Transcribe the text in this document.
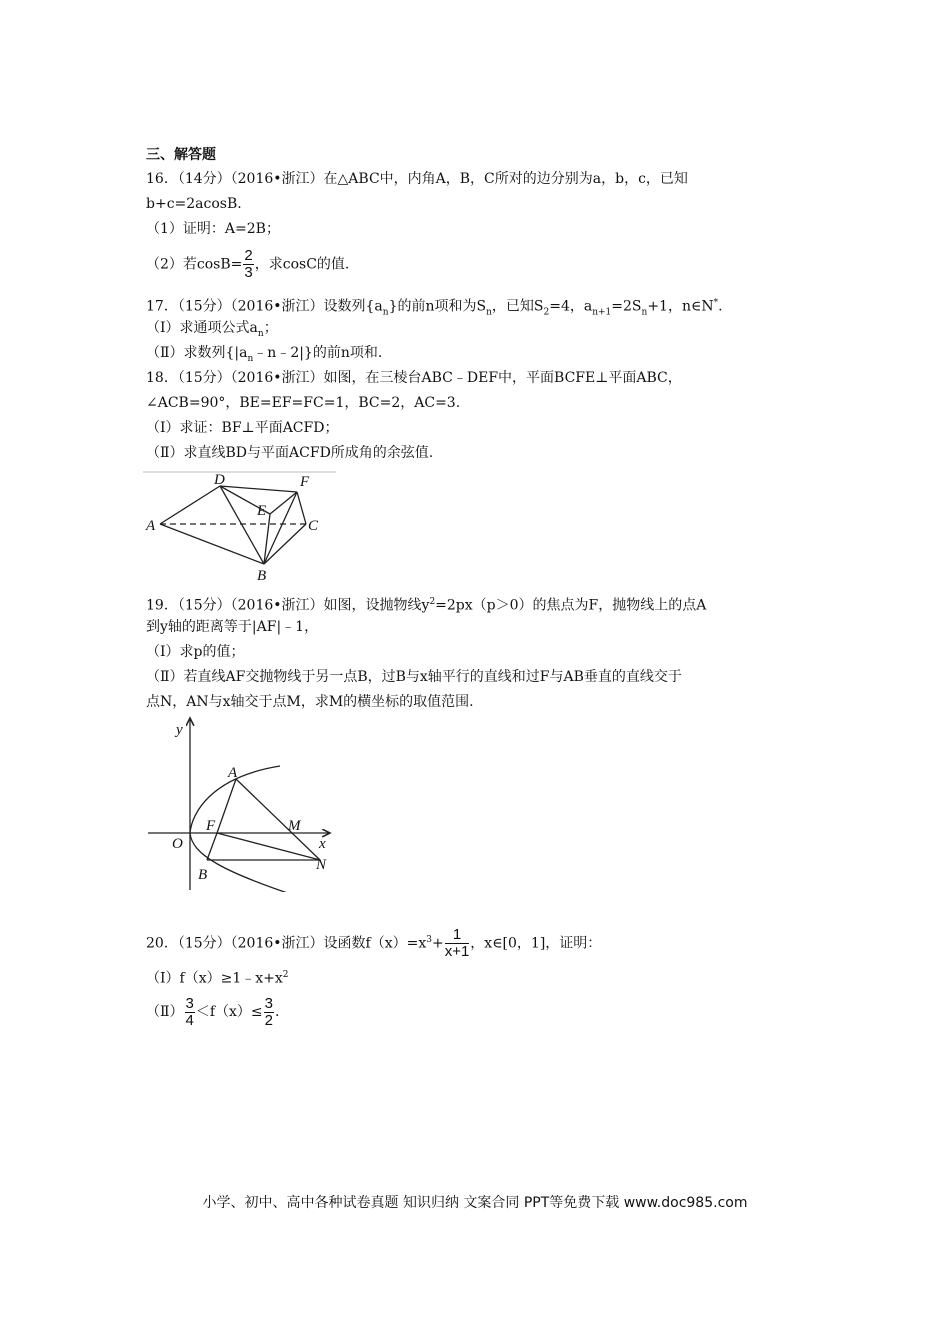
三、解答题
16．（14分）（2016•浙江）在△ABC中，内角A，B，C所对的边分别为a，b，c，已知
b+c=2acosB.
（1）证明：A=2B；
（2）若$\cos B= \frac{2}{3}$ ，求cosC的值.
17．（15分）（2016•浙江）设数列$\{a_n\}$的前n项和为$S_n$，已知$S_2=4$，$a_{n+1}=2S_n+1$，n∈N*.
（Ⅰ）求通项公式$a_n$；
（Ⅱ）求数列$\{|a_n﹣n﹣2|\}$的前n项和.
18．（15分）（2016•浙江）如图，在三棱台ABC﹣DEF中，平面BCFE⊥平面ABC，
∠ACB=90°，BE=EF=FC=1，BC=2，AC=3.
（Ⅰ）求证：BF⊥平面ACFD；
（Ⅱ）求直线BD与平面ACFD所成角的余弦值.
A
D	F
E
C
B
19．（15分）（2016•浙江）如图，设抛物线$y^2=2px(p>0)$的焦点为F，抛物线上的点A
到y轴的距离等于|AF|﹣1，
（Ⅰ）求p的值；
（Ⅱ）若直线AF交抛物线于另一点B，过B与x轴平行的直线和过F与AB垂直的直线交于
点N，AN与x轴交于点M，求M的横坐标的取值范围.
y
x
O
A
F	M
B
N
20．（15分）（2016•浙江）设函数$f(x)=x^3+ \frac{1}{x+1}$ ，x∈[0，1]，证明：
$(Ⅰ)f(x)\ge 1﹣x+x^2$
（Ⅱ） $\frac{3}{4} <f(x)\le \frac{3}{2}$ .
小学、初中、高中各种试卷真题 知识归纳 文案合同 PPT等免费下载 www.doc985.com
